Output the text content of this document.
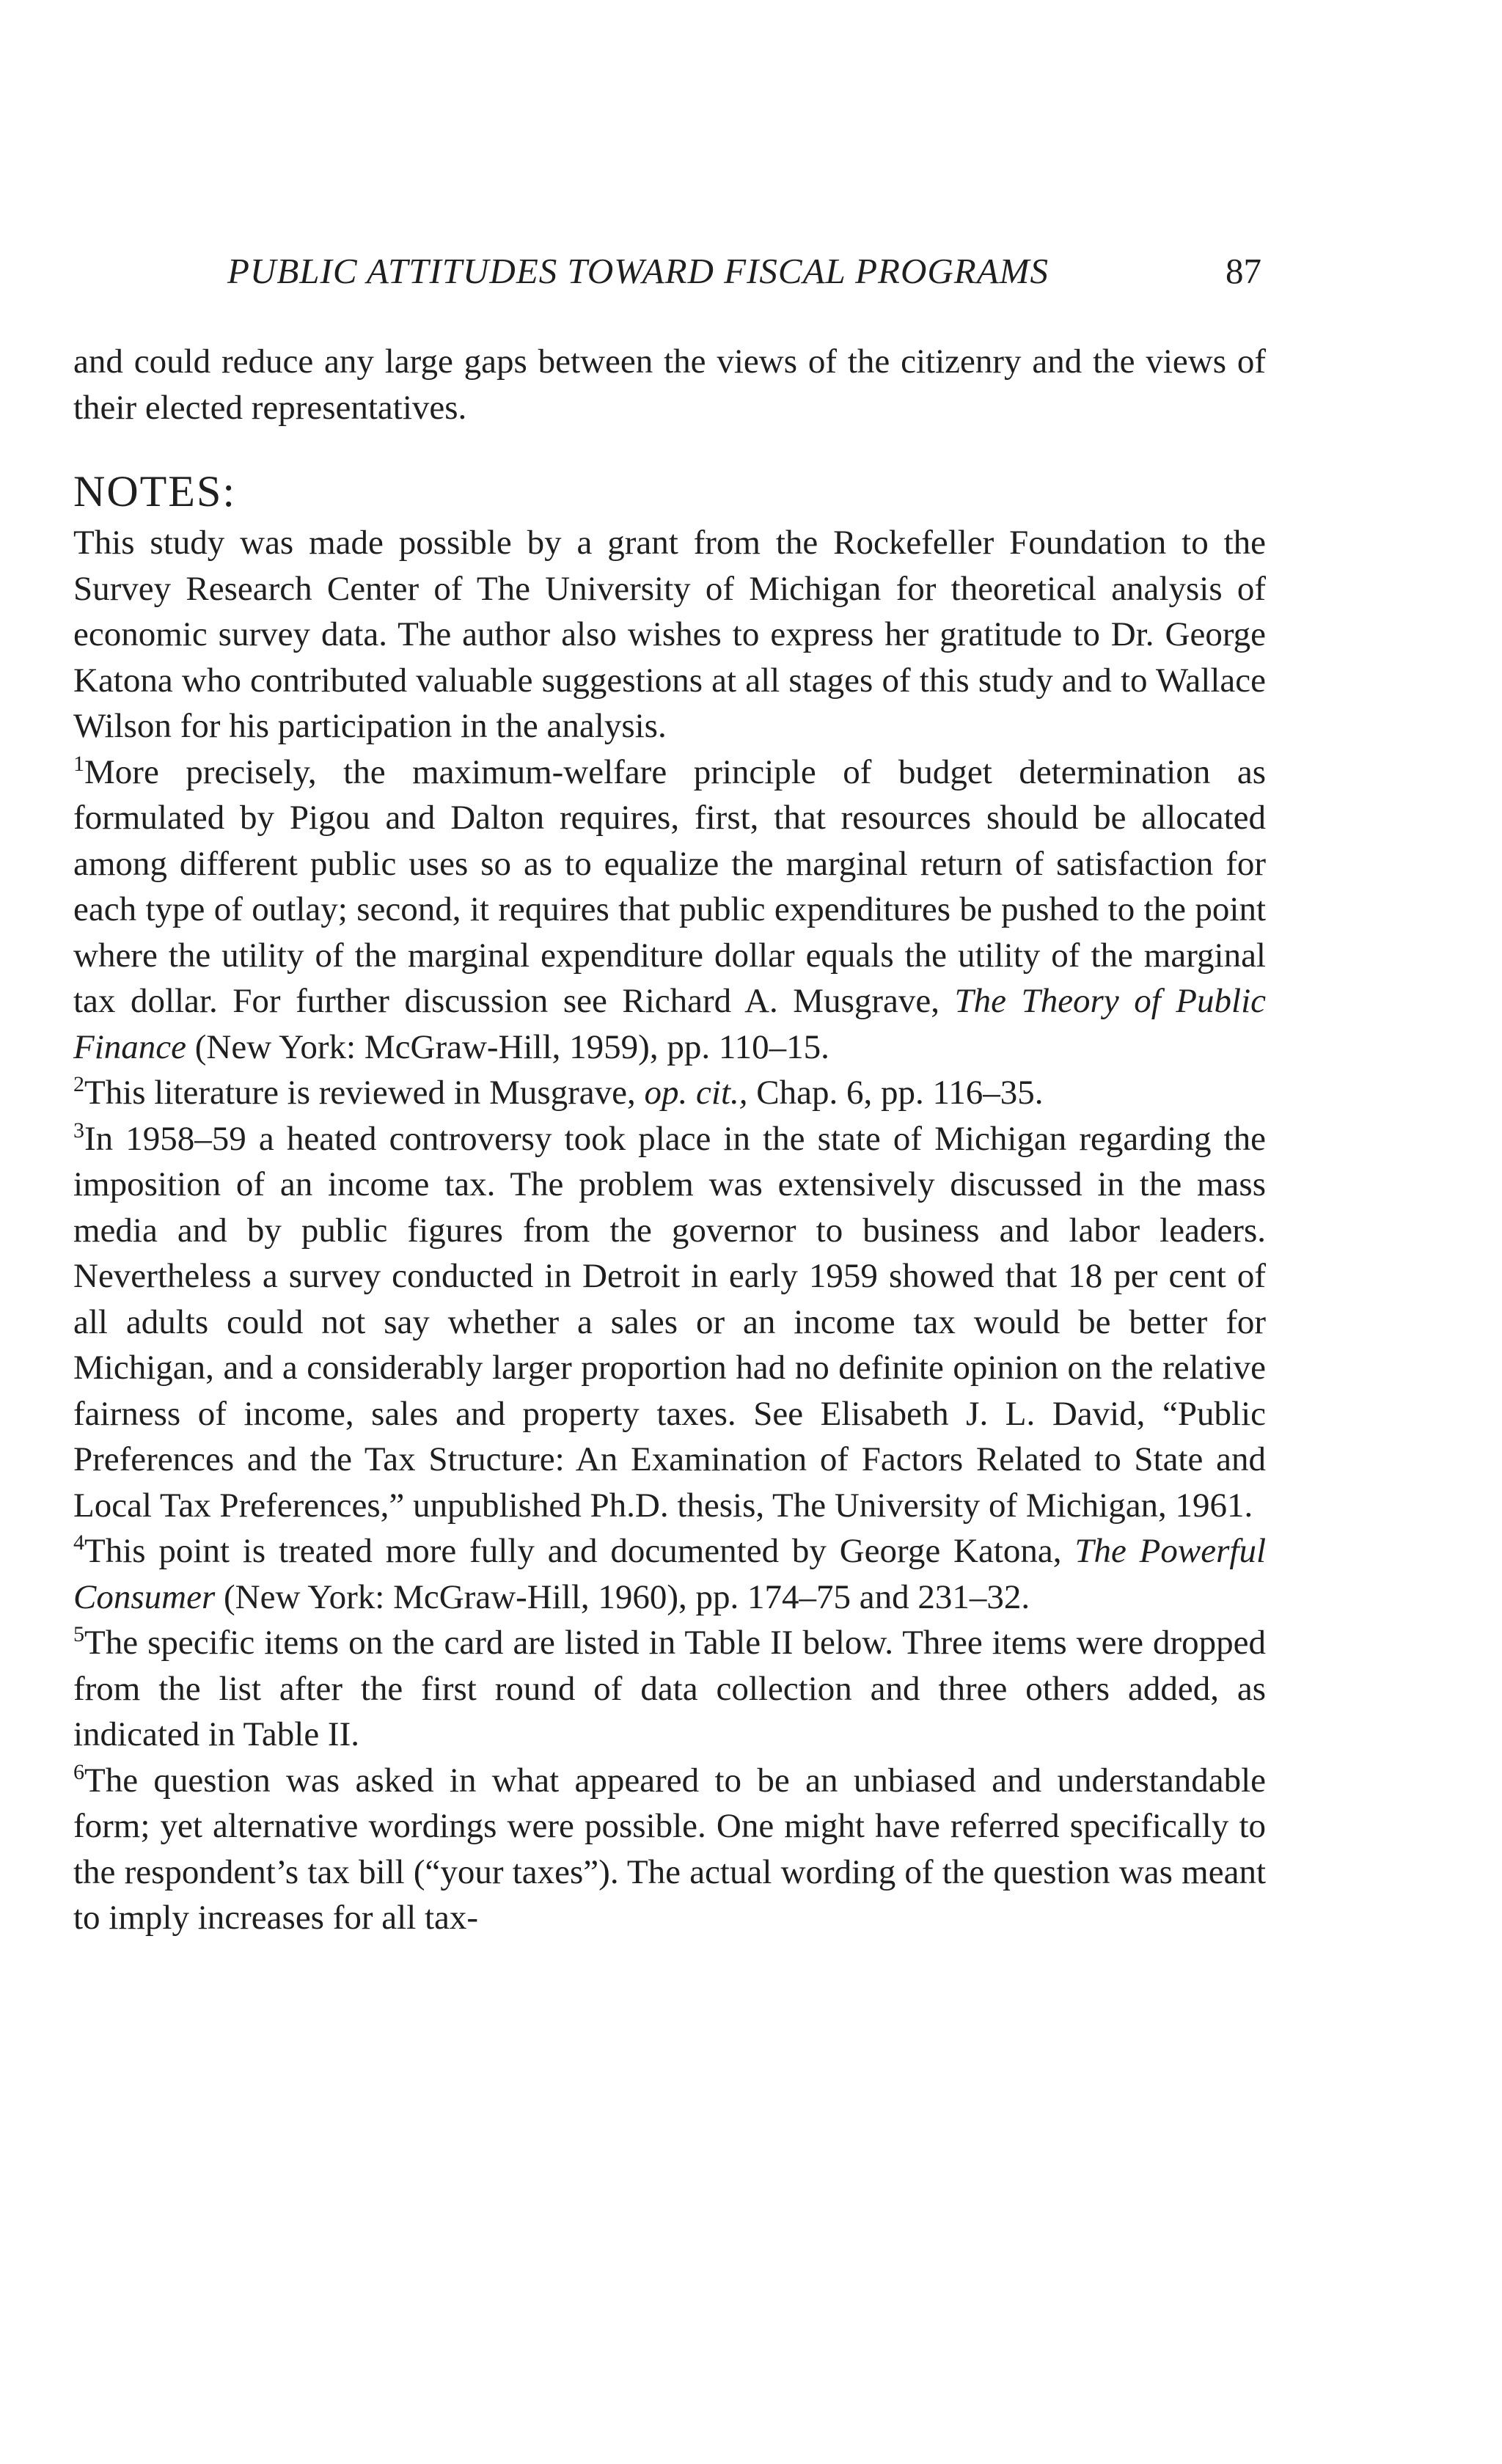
PUBLIC ATTITUDES TOWARD FISCAL PROGRAMS	87

and could reduce any large gaps between the views of the citizenry and the views of their elected representatives.

NOTES:

This study was made possible by a grant from the Rockefeller Foundation to the Survey Research Center of The University of Michigan for theoretical analysis of economic survey data. The author also wishes to express her gratitude to Dr. George Katona who contributed valuable suggestions at all stages of this study and to Wallace Wilson for his participation in the analysis.

$^1$More precisely, the maximum-welfare principle of budget determination as formulated by Pigou and Dalton requires, first, that resources should be allocated among different public uses so as to equalize the marginal return of satisfaction for each type of outlay; second, it requires that public expenditures be pushed to the point where the utility of the marginal expenditure dollar equals the utility of the marginal tax dollar. For further discussion see Richard A. Musgrave, The Theory of Public Finance (New York: McGraw-Hill, 1959), pp. 110–15.

$^2$This literature is reviewed in Musgrave, op. cit., Chap. 6, pp. 116–35.

$^3$In 1958–59 a heated controversy took place in the state of Michigan regarding the imposition of an income tax. The problem was extensively discussed in the mass media and by public figures from the governor to business and labor leaders. Nevertheless a survey conducted in Detroit in early 1959 showed that 18 per cent of all adults could not say whether a sales or an income tax would be better for Michigan, and a considerably larger proportion had no definite opinion on the relative fairness of income, sales and property taxes. See Elisabeth J. L. David, “Public Preferences and the Tax Structure: An Examination of Factors Related to State and Local Tax Preferences,” unpublished Ph.D. thesis, The University of Michigan, 1961.

$^4$This point is treated more fully and documented by George Katona, The Powerful Consumer (New York: McGraw-Hill, 1960), pp. 174–75 and 231–32.

$^5$The specific items on the card are listed in Table II below. Three items were dropped from the list after the first round of data collection and three others added, as indicated in Table II.

$^6$The question was asked in what appeared to be an unbiased and understandable form; yet alternative wordings were possible. One might have referred specifically to the respondent’s tax bill (“your taxes”). The actual wording of the question was meant to imply increases for all tax-
